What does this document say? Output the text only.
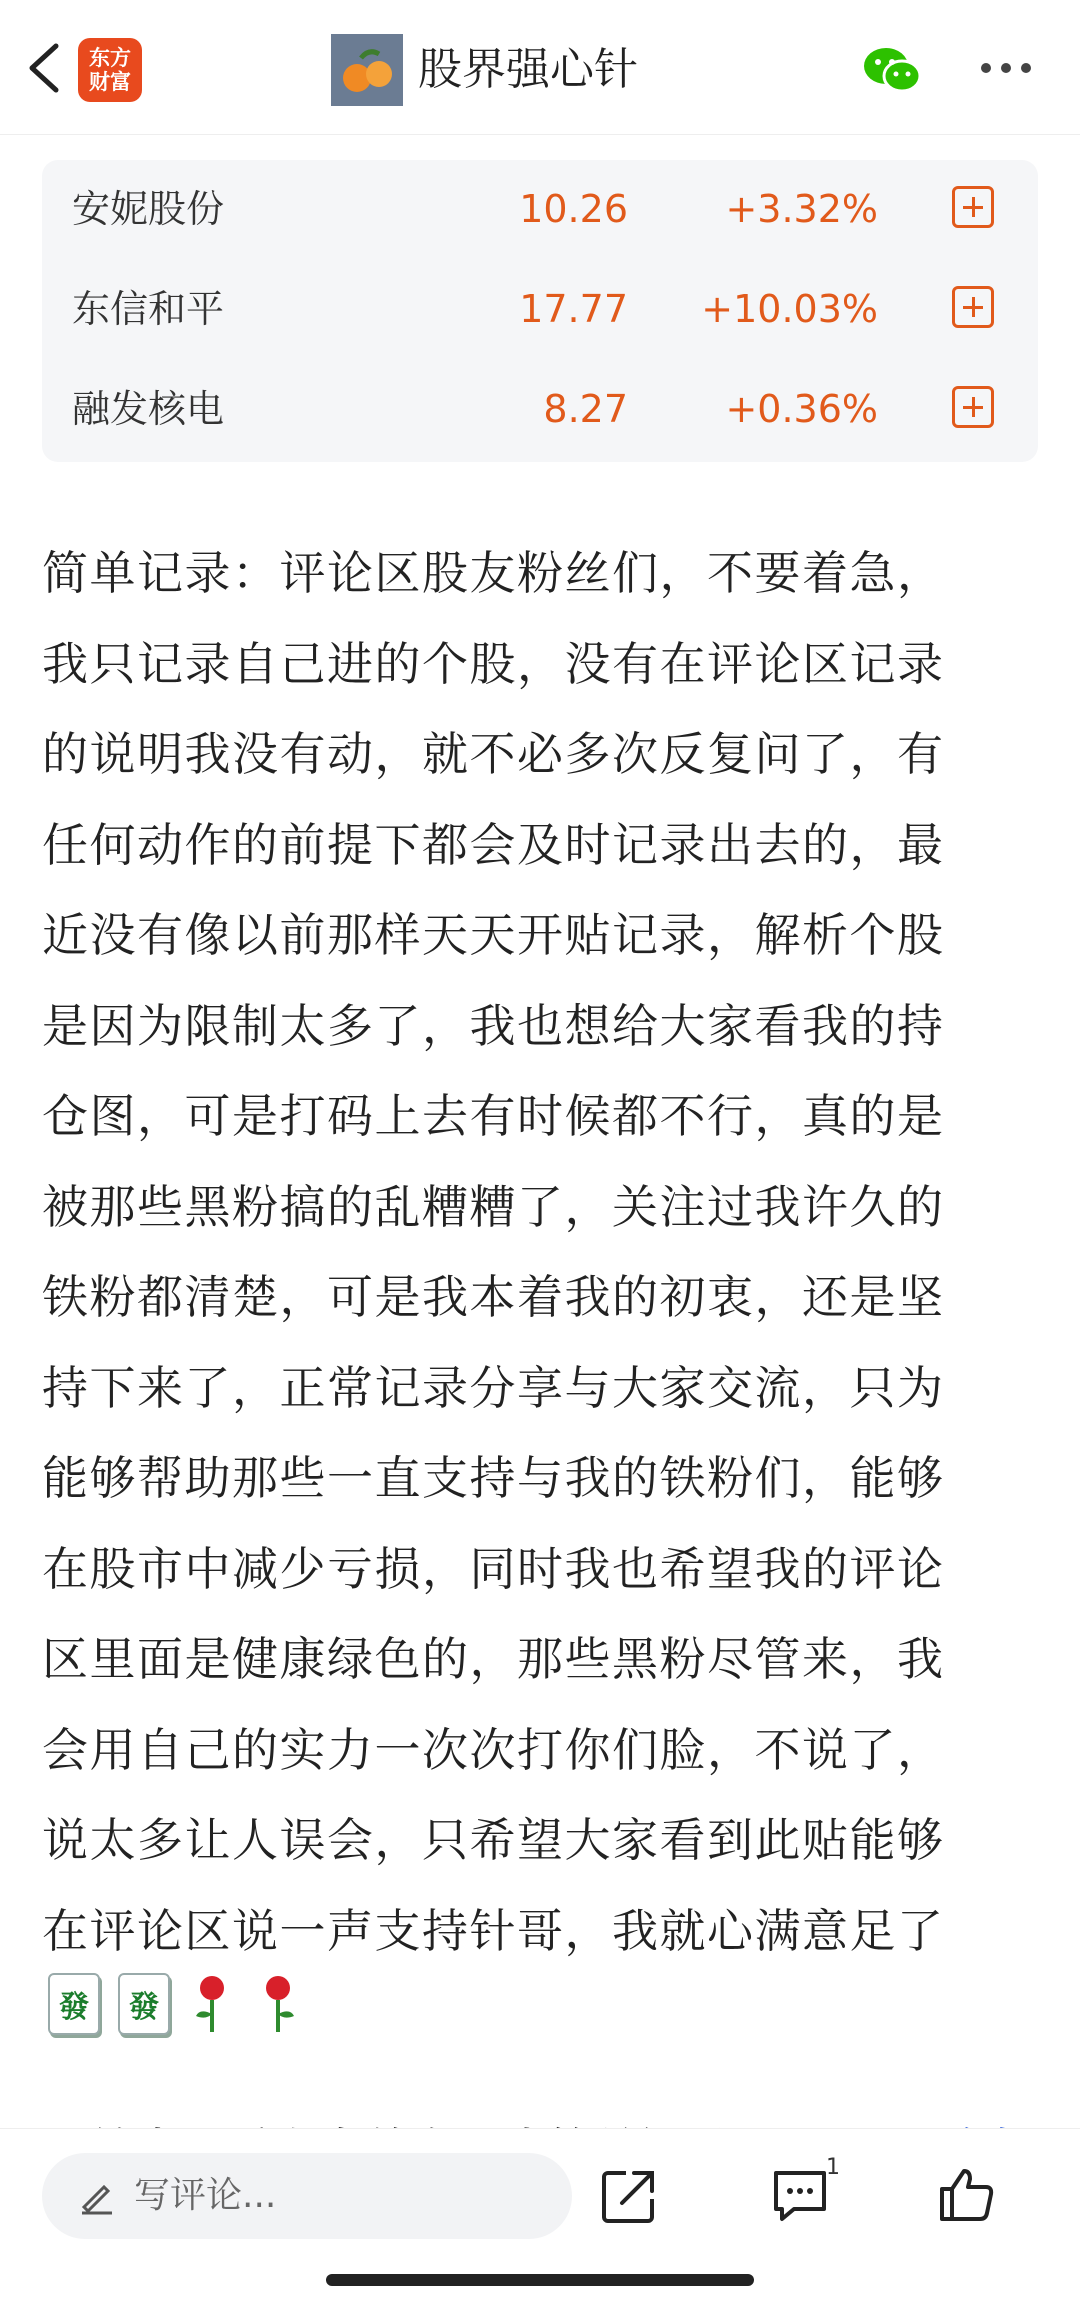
东方
财富	股界强心针
安妮股份	10.26	+3.32%
东信和平	17.77 +10.03%
融发核电	8.27	+0.36%
简单记录：评论区股友粉丝们，不要着急，
我只记录自己进的个股，没有在评论区记录
的说明我没有动，就不必多次反复问了，有
任何动作的前提下都会及时记录出去的，最
近没有像以前那样天天开贴记录，解析个股
是因为限制太多了，我也想给大家看我的持
仓图，可是打码上去有时候都不行，真的是
被那些黑粉搞的乱糟糟了，关注过我许久的
铁粉都清楚，可是我本着我的初衷，还是坚
持下来了，正常记录分享与大家交流，只为
能够帮助那些一直支持与我的铁粉们，能够
在股市中减少亏损，同时我也希望我的评论
区里面是健康绿色的，那些黑粉尽管来，我
会用自己的实力一次次打你们脸，不说了，
说太多让人误会，只希望大家看到此贴能够
在评论区说一声支持针哥，我就心满意足了
發	發
写评论...
1
